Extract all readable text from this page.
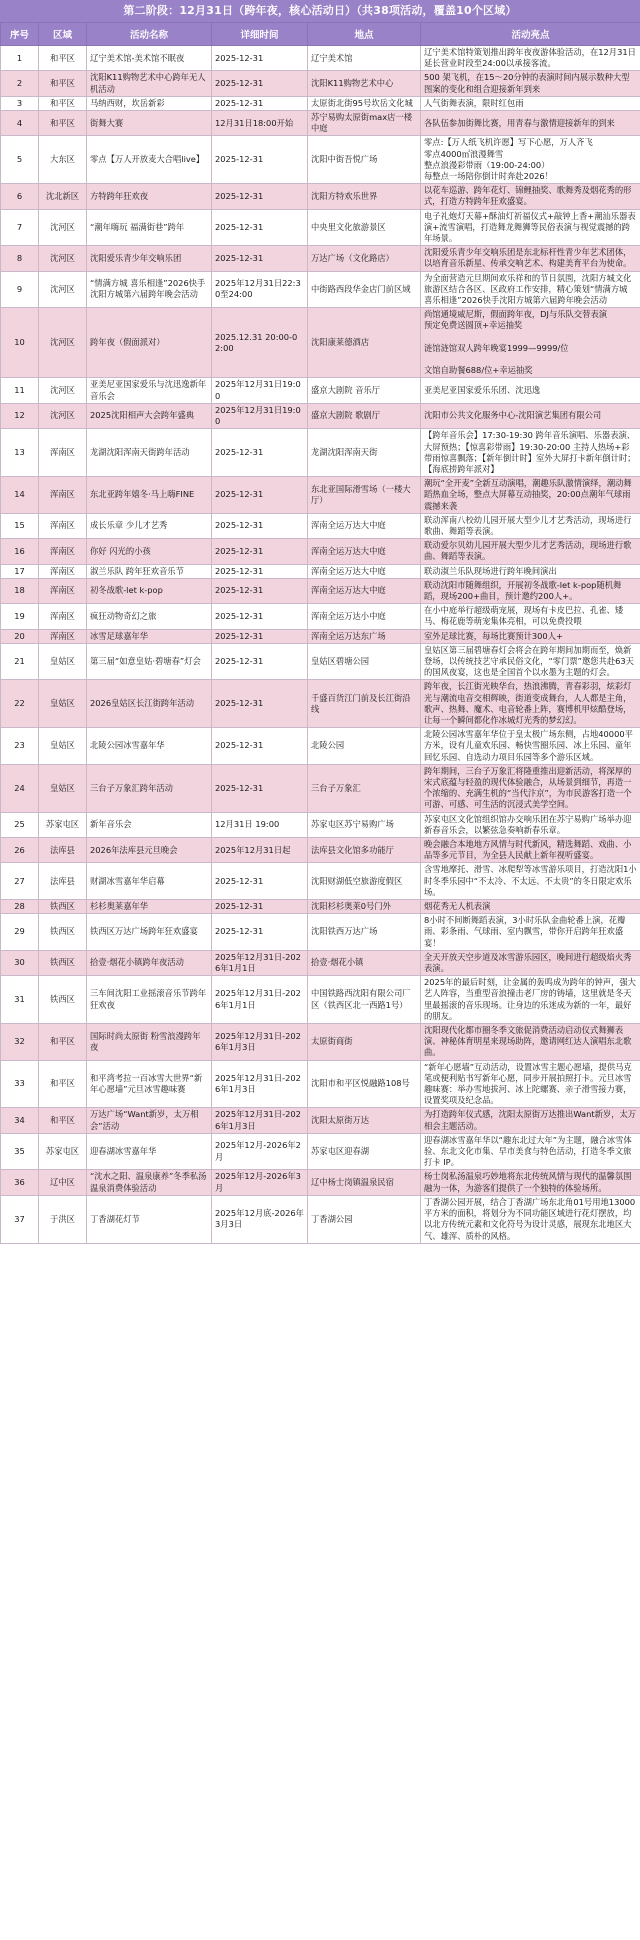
第二阶段：12月31日（跨年夜，核心活动日）（共38项活动，覆盖10个区域）
序号	区域	活动名称	详细时间	地点	活动亮点
1	和平区	辽宁美术馆-美术馆不眠夜	2025-12-31	辽宁美术馆	辽宁美术馆特策划推出跨年夜夜游体验活动，在12月31日延长营业时段至24:00以承接客流。
2	和平区	沈阳K11购物艺术中心跨年无人机活动	2025-12-31	沈阳K11购物艺术中心	500 架飞机，在15～20分钟的表演时间内展示数种大型图案的变化和组合迎接新年到来
3	和平区	马纳西财，坎岳新彩	2025-12-31	太原街北街95号坎岳文化城	人气街舞表演，限时红包雨
4	和平区	街舞大赛	12月31日18:00开始	苏宁易购太原街max店一楼中庭	各队伍参加街舞比赛，用青春与激情迎接新年的到来
5	大东区	零点【万人开放麦大合唱live】	2025-12-31	沈阳中街吾悦广场	零点:【万人纸飞机许愿】写下心愿，万人齐飞
零点4000㎡浪漫舞雪
整点浪漫彩带雨（19:00-24:00）
每整点一场陪你倒计时奔赴2026！
6	沈北新区	方特跨年狂欢夜	2025-12-31	沈阳方特欢乐世界	以花车巡游、跨年花灯、锦鲤抽奖、歌舞秀及烟花秀的形式，打造方特跨年狂欢盛宴。
7	沈河区	“潮年嗨玩 福满街巷”跨年	2025-12-31	中央里文化旅游景区	电子礼炮灯天幕+酥油灯祈福仪式+敲钟上香+潮汕乐器表演+流雪演唱，打造舞龙舞狮等民俗表演与视觉震撼的跨年场景。
8	沈河区	沈阳爱乐青少年交响乐团	2025-12-31	万达广场（文化路店）	沈阳爱乐青少年交响乐团是东北标杆性青少年艺术团体，以培育音乐新星、传承交响艺术、构建美育平台为使命。
9	沈河区	“情满方城 喜乐相逢”2026快手沈阳方城第六届跨年晚会活动	2025年12月31日22:30至24:00	中街路西段华金店门前区域	为全面营造元旦期间欢乐祥和的节日氛围，沈阳方城文化旅游区结合各区、区政府工作安排，精心策划“情满方城 喜乐相逢”2026快手沈阳方城第六届跨年晚会活动
10	沈河区	跨年夜（假面派对）	2025.12.31 20:00-02:00	沈阳康莱德酒店	尚馆通境威尼斯，假面跨年夜，DJ与乐队交替表演
预定免费送圆顶+幸运抽奖

涟馆涟馆双人跨年晚宴1999—9999/位

文馆自助餐688/位+幸运抽奖
11	沈河区	亚美尼亚国家爱乐与沈迅逸新年音乐会	2025年12月31日19:00	盛京大剧院 音乐厅	亚美尼亚国家爱乐乐团、沈迅逸
12	沈河区	2025沈阳相声大会跨年盛典	2025年12月31日19:00	盛京大剧院 歌剧厅	沈阳市公共文化服务中心-沈阳演艺集团有限公司
13	浑南区	龙湖沈阳浑南天街跨年活动	2025-12-31	龙湖沈阳浑南天街	【跨年音乐会】17:30-19:30 跨年音乐演唱、乐器表演、大屏预热；【惊喜彩带雨】19:30-20:00 主持人热场+彩带雨惊喜飘落；【新年倒计时】室外大屏打卡新年倒计时；【海底捞跨年派对】
14	浑南区	东北亚跨年嬉冬·马上嗨FINE	2025-12-31	东北亚国际滑雪场（一楼大厅）	潮玩“全开麦”全新互动演唱，潮趣乐队激情演绎，潮动舞蹈热血全场，整点大屏幕互动抽奖，20:00点潮年气球雨震撼来袭
15	浑南区	成长乐章 少儿才艺秀	2025-12-31	浑南全运万达大中庭	联动浑南八校幼儿园开展大型少儿才艺秀活动，现场进行歌曲、舞蹈等表演。
16	浑南区	你好 闪光的小孩	2025-12-31	浑南全运万达大中庭	联动爱尔贝幼儿园开展大型少儿才艺秀活动，现场进行歌曲、舞蹈等表演。
17	浑南区	淑兰乐队 跨年狂欢音乐节	2025-12-31	浑南全运万达大中庭	联动淑兰乐队现场进行跨年晚间演出
18	浑南区	初冬战歌-let k-pop	2025-12-31	浑南全运万达大中庭	联动沈阳市随舞组织，开展初冬战歌-let k-pop随机舞蹈，现场200+曲目，预计邀约200人+。
19	浑南区	疯狂动物奇幻之旅	2025-12-31	浑南全运万达小中庭	在小中庭举行超级萌宠展，现场有卡皮巴拉、孔雀、矮马、梅花鹿等萌宠集体亮相，可以免费投喂
20	浑南区	冰雪足球嘉年华	2025-12-31	浑南全运万达东广场	室外足球比赛，每场比赛预计300人+
21	皇姑区	第三届“如意皇姑·碧塘春”灯会	2025-12-31	皇姑区碧塘公园	皇姑区第三届碧塘春灯会将会在跨年期间加期而至，焕新登场，以传统技艺守承民俗文化，“零门票”邀您共赴63天的国风夜宴，这也是全国首个以水墨为主题的灯会。
22	皇姑区	2026皇姑区长江街跨年活动	2025-12-31	千盛百货江门前及长江街沿线	跨年夜，长江街光映华台，热浪沸腾，青春彩羽，炫彩灯光与潮流电音交相辉映，街道变成舞台，人人都是主角，歌声、热舞、魔术、电音轮番上阵，赛博机甲炫酷登场，让每一个瞬间都化作冰城灯光秀的梦幻幻。
23	皇姑区	北陵公园冰雪嘉年华	2025-12-31	北陵公园	北陵公园冰雪嘉年华位于皇太极广场东侧，占地40000平方米，设有儿童欢乐园、畅快雪圈乐园、冰上乐园、童年回忆乐园、自选动力项目乐园等多个游乐区域。
24	皇姑区	三台子万象汇跨年活动	2025-12-31	三台子万象汇	跨年期间，三台子万象汇将隆重推出迎新活动，将深厚的宋式底蕴与轻盈的现代体验融合，从场景到细节，再造一个浓缩的、充满生机的“当代汴京”，为市民游客打造一个可游、可感、可生活的沉浸式美学空间。
25	苏家屯区	新年音乐会	12月31日 19:00	苏家屯区苏宁易购广场	苏家屯区文化馆组织馆办交响乐团在苏宁易购广场举办迎新春音乐会，以繁弦急奏响新春乐章。
26	法库县	2026年法库县元旦晚会	2025年12月31日起	法库县文化馆多功能厅	晚会融合本地地方风情与时代新风，精选舞蹈、戏曲、小品等多元节目，为全县人民献上新年视听盛宴。
27	法库县	财湖冰雪嘉年华启幕	2025-12-31	沈阳财湖低空旅游度假区	含雪地摩托、滑雪、冰爬犁等冰雪游乐项目，打造沈阳1小时冬季乐园中“不太冷、不太远、不太贵”的冬日限定欢乐场。
28	铁西区	杉杉奥莱嘉年华	2025-12-31	沈阳杉杉奥莱0号门外	烟花秀无人机表演
29	铁西区	铁西区万达广场跨年狂欢盛宴	2025-12-31	沈阳铁西万达广场	8小时不间断舞蹈表演，3小时乐队金曲轮番上演，花瓣雨、彩条雨、气球雨、室内飘雪，带你开启跨年狂欢盛宴！
30	铁西区	拾壹·烟花小镇跨年夜活动	2025年12月31日-2026年1月1日	拾壹·烟花小镇	全天开放天空步道及冰雪游乐园区，晚间进行超级焰火秀表演。
31	铁西区	三车间沈阳工业摇滚音乐节跨年狂欢夜	2025年12月31日-2026年1月1日	中国铁路西沈阳有限公司厂区（铁西区北一西路1号）	2025年的最后时刻，让金属的轰鸣成为跨年的钟声，强大艺人阵容，当重型音浪撞击老厂房的铸墙，这里就是冬天里最摇滚的音乐现场。让身边的乐迷成为新的一年，最好的朋友。
32	和平区	国际时尚太原街 粉雪浪漫跨年夜	2025年12月31日-2026年1月3日	太原街商街	沈阳现代化都市圈冬季文旅促消费活动启动仪式舞狮表演、神秘体育明星来现场助阵，邀请网红达人演唱东北歌曲。
33	和平区	和平湾考拉一百冰雪大世界“新年心愿墙”元旦冰雪趣味赛	2025年12月31日-2026年1月3日	沈阳市和平区悦融路108号	“新年心愿墙”互动活动，设置冰雪主题心愿墙，提供马克笔或便利贴书写新年心愿，同步开展拍照打卡。元旦冰雪趣味赛：举办雪地拔河、冰上陀螺赛、亲子滑雪接力赛，设置奖项及纪念品。
34	和平区	万达广场“Want新岁，太万相会”活动	2025年12月31日-2026年1月3日	沈阳太原街万达	为打造跨年仪式感，沈阳太原街万达推出Want新岁，太万相会主题活动。
35	苏家屯区	迎春湖冰雪嘉年华	2025年12月-2026年2月	苏家屯区迎春湖	迎春湖冰雪嘉年华以“趣东北过大年”为主题，融合冰雪体验、东北文化市集、早市美食与特色活动，打造冬季文旅打卡 IP。
36	辽中区	“沈水之阳、温泉康养”冬季私汤温泉消费体验活动	2025年12月-2026年3月	辽中杨士岗镇温泉民宿	杨士岗私汤温泉巧妙地将东北传统风情与现代的温馨氛围融为一体，为游客们提供了一个独特的体验场所。
37	于洪区	丁香湖花灯节	2025年12月底-2026年3月3日	丁香湖公园	丁香湖公园开展，结合丁香湖广场东北角01号用地13000平方米的面积，将划分为不同功能区域进行花灯摆放，均以北方传统元素和文化符号为设计灵感，展现东北地区大气、雄浑、质朴的风格。
